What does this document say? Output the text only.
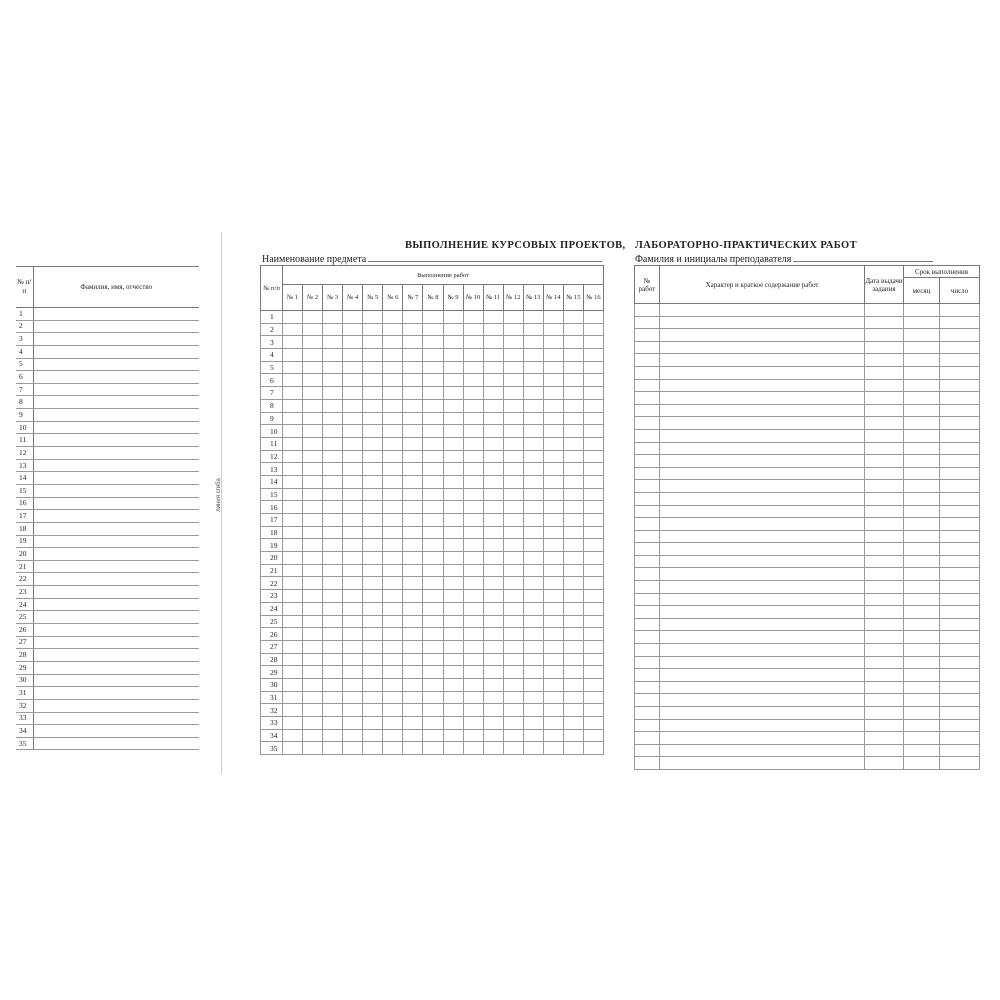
№ п/п	Фамилия, имя, отчество
1	
2	
3	
4	
5	
6	
7	
8	
9	
10	
11	
12	
13	
14	
15	
16	
17	
18	
19	
20	
21	
22	
23	
24	
25	
26	
27	
28	
29	
30	
31	
32	
33	
34	
35	
линия сгиба
ВЫПОЛНЕНИЕ КУРСОВЫХ ПРОЕКТОВ,
Наименование предмета
№ п/п	Выполнение работ															
	№ 1	№ 2	№ 3	№ 4	№ 5	№ 6	№ 7	№ 8	№ 9	№ 10	№ 11	№ 12	№ 13	№ 14	№ 15	№ 16
1																
2																
3																
4																
5																
6																
7																
8																
9																
10																
11																
12																
13																
14																
15																
16																
17																
18																
19																
20																
21																
22																
23																
24																
25																
26																
27																
28																
29																
30																
31																
32																
33																
34																
35																
ЛАБОРАТОРНО-ПРАКТИЧЕСКИХ РАБОТ
Фамилия и инициалы преподавателя
№ работ	Характер и краткое содержание работ	Дата выдачи задания	Срок выполнения	
			месяц	число
